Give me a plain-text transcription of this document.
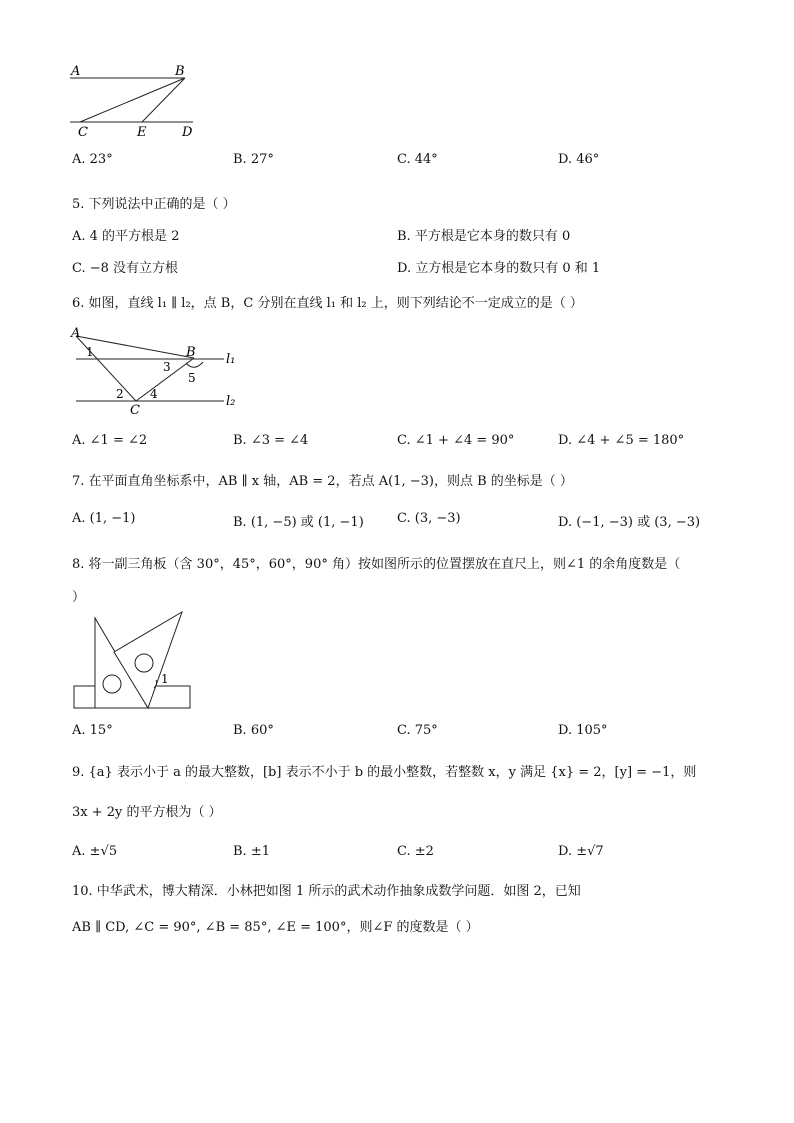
A	B
C	E	D
A. 23°	B. 27°	C. 44°	D. 46°
5. 下列说法中正确的是（ ）
A. 4 的平方根是 2	B. 平方根是它本身的数只有 0
C. −8 没有立方根	D. 立方根是它本身的数只有 0 和 1
6. 如图，直线 l₁ ∥ l₂，点 B，C 分别在直线 l₁ 和 l₂ 上，则下列结论不一定成立的是（ ）
A
B
C
l₁
l₂
1
2
3
4
5
A. ∠1 = ∠2	B. ∠3 = ∠4	C. ∠1 + ∠4 = 90°	D. ∠4 + ∠5 = 180°
7. 在平面直角坐标系中，AB ∥ x 轴，AB = 2，若点 A(1, −3)，则点 B 的坐标是（ ）
A. (1, −1)	B. (1, −5) 或 (1, −1)	C. (3, −3)	D. (−1, −3) 或 (3, −3)
8. 将一副三角板（含 30°，45°，60°，90° 角）按如图所示的位置摆放在直尺上，则∠1 的余角度数是（
）
1
A. 15°	B. 60°	C. 75°	D. 105°
9. {a} 表示小于 a 的最大整数，[b] 表示不小于 b 的最小整数，若整数 x，y 满足 {x} = 2，[y] = −1，则
3x + 2y 的平方根为（ ）
A. ±√5	B. ±1	C. ±2	D. ±√7
10. 中华武术，博大精深．小林把如图 1 所示的武术动作抽象成数学问题．如图 2，已知
AB ∥ CD, ∠C = 90°, ∠B = 85°, ∠E = 100°，则∠F 的度数是（ ）
